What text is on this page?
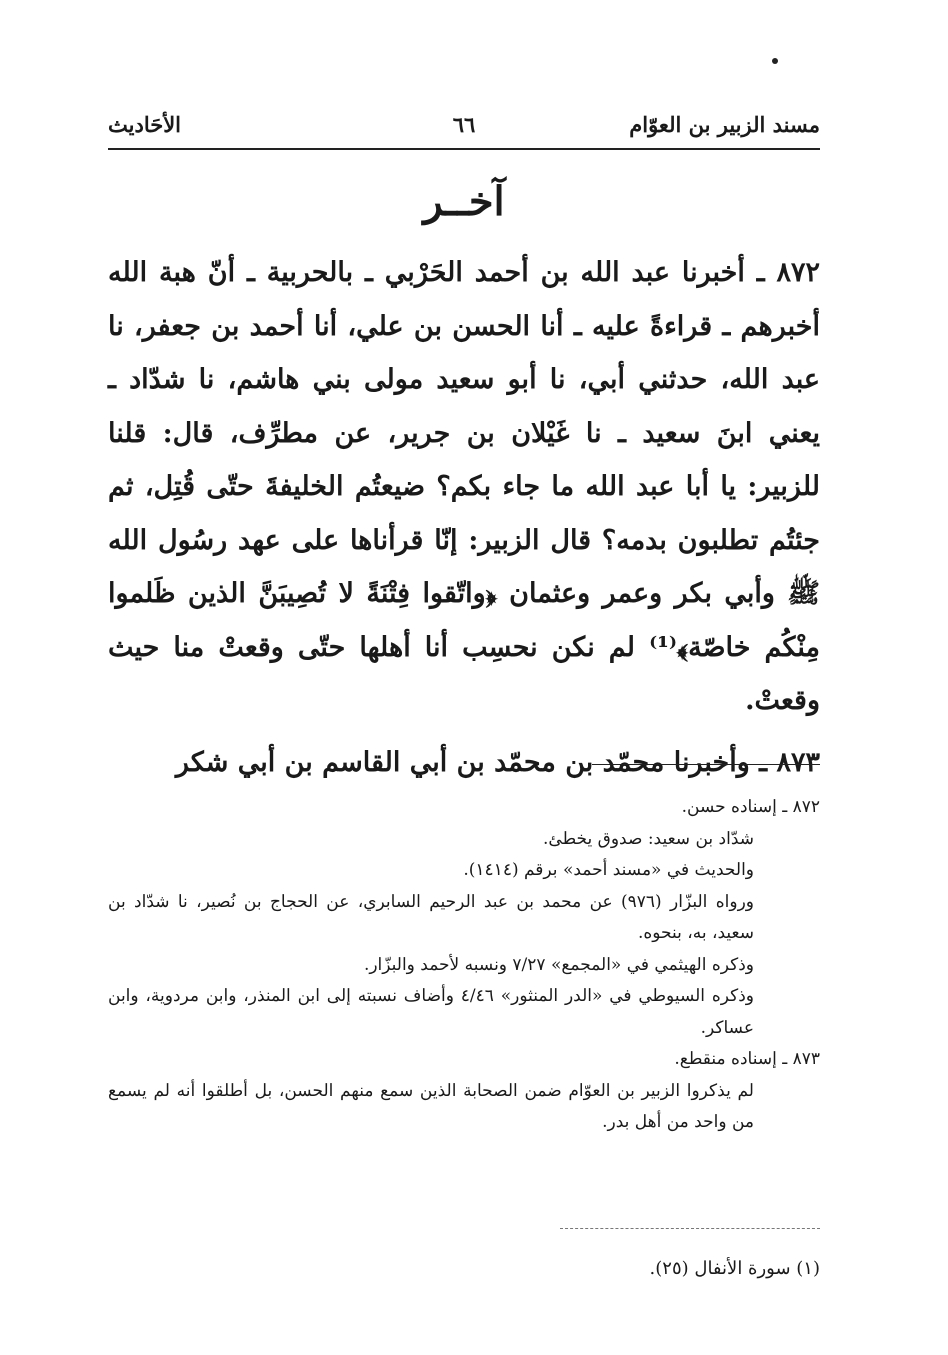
مسند الزبير بن العوّام
٦٦
الأحَاديث
آخــر

٨٧٢ ـ أخبرنا عبد الله بن أحمد الحَرْبي ـ بالحربية ـ أنّ هبة الله أخبرهم ـ قراءةً عليه ـ أنا الحسن بن علي، أنا أحمد بن جعفر، نا عبد الله، حدثني أبي، نا أبو سعيد مولى بني هاشم، نا شدّاد ـ يعني ابنَ سعيد ـ نا غَيْلان بن جرير، عن مطرِّف، قال: قلنا للزبير: يا أبا عبد الله ما جاء بكم؟ ضيعتُم الخليفةَ حتّى قُتِل، ثم جئتُم تطلبون بدمه؟ قال الزبير: إنّا قرأناها على عهد رسُول الله ﷺ وأبي بكر وعمر وعثمان ﴿واتّقوا فِتْنَةً لا تُصِيبَنَّ الذين ظَلموا مِنْكُم خاصّة﴾⁽¹⁾ لم نكن نحسِب أنا أهلها حتّى وقعتْ منا حيث وقعتْ.

٨٧٣ ـ وأخبرنا محمّد بن محمّد بن أبي القاسم بن أبي شكر

٨٧٢ ـ إسناده حسن.

شدّاد بن سعيد: صدوق يخطئ.

والحديث في «مسند أحمد» برقم (١٤١٤).

ورواه البزّار (٩٧٦) عن محمد بن عبد الرحيم السابري، عن الحجاج بن نُصير، نا شدّاد بن سعيد، به، بنحوه.

وذكره الهيثمي في «المجمع» ٧/٢٧ ونسبه لأحمد والبزّار.

وذكره السيوطي في «الدر المنثور» ٤/٤٦ وأضاف نسبته إلى ابن المنذر، وابن مردوية، وابن عساكر.

٨٧٣ ـ إسناده منقطع.

لم يذكروا الزبير بن العوّام ضمن الصحابة الذين سمع منهم الحسن، بل أطلقوا أنه لم يسمع من واحد من أهل بدر.

(١) سورة الأنفال (٢٥).
